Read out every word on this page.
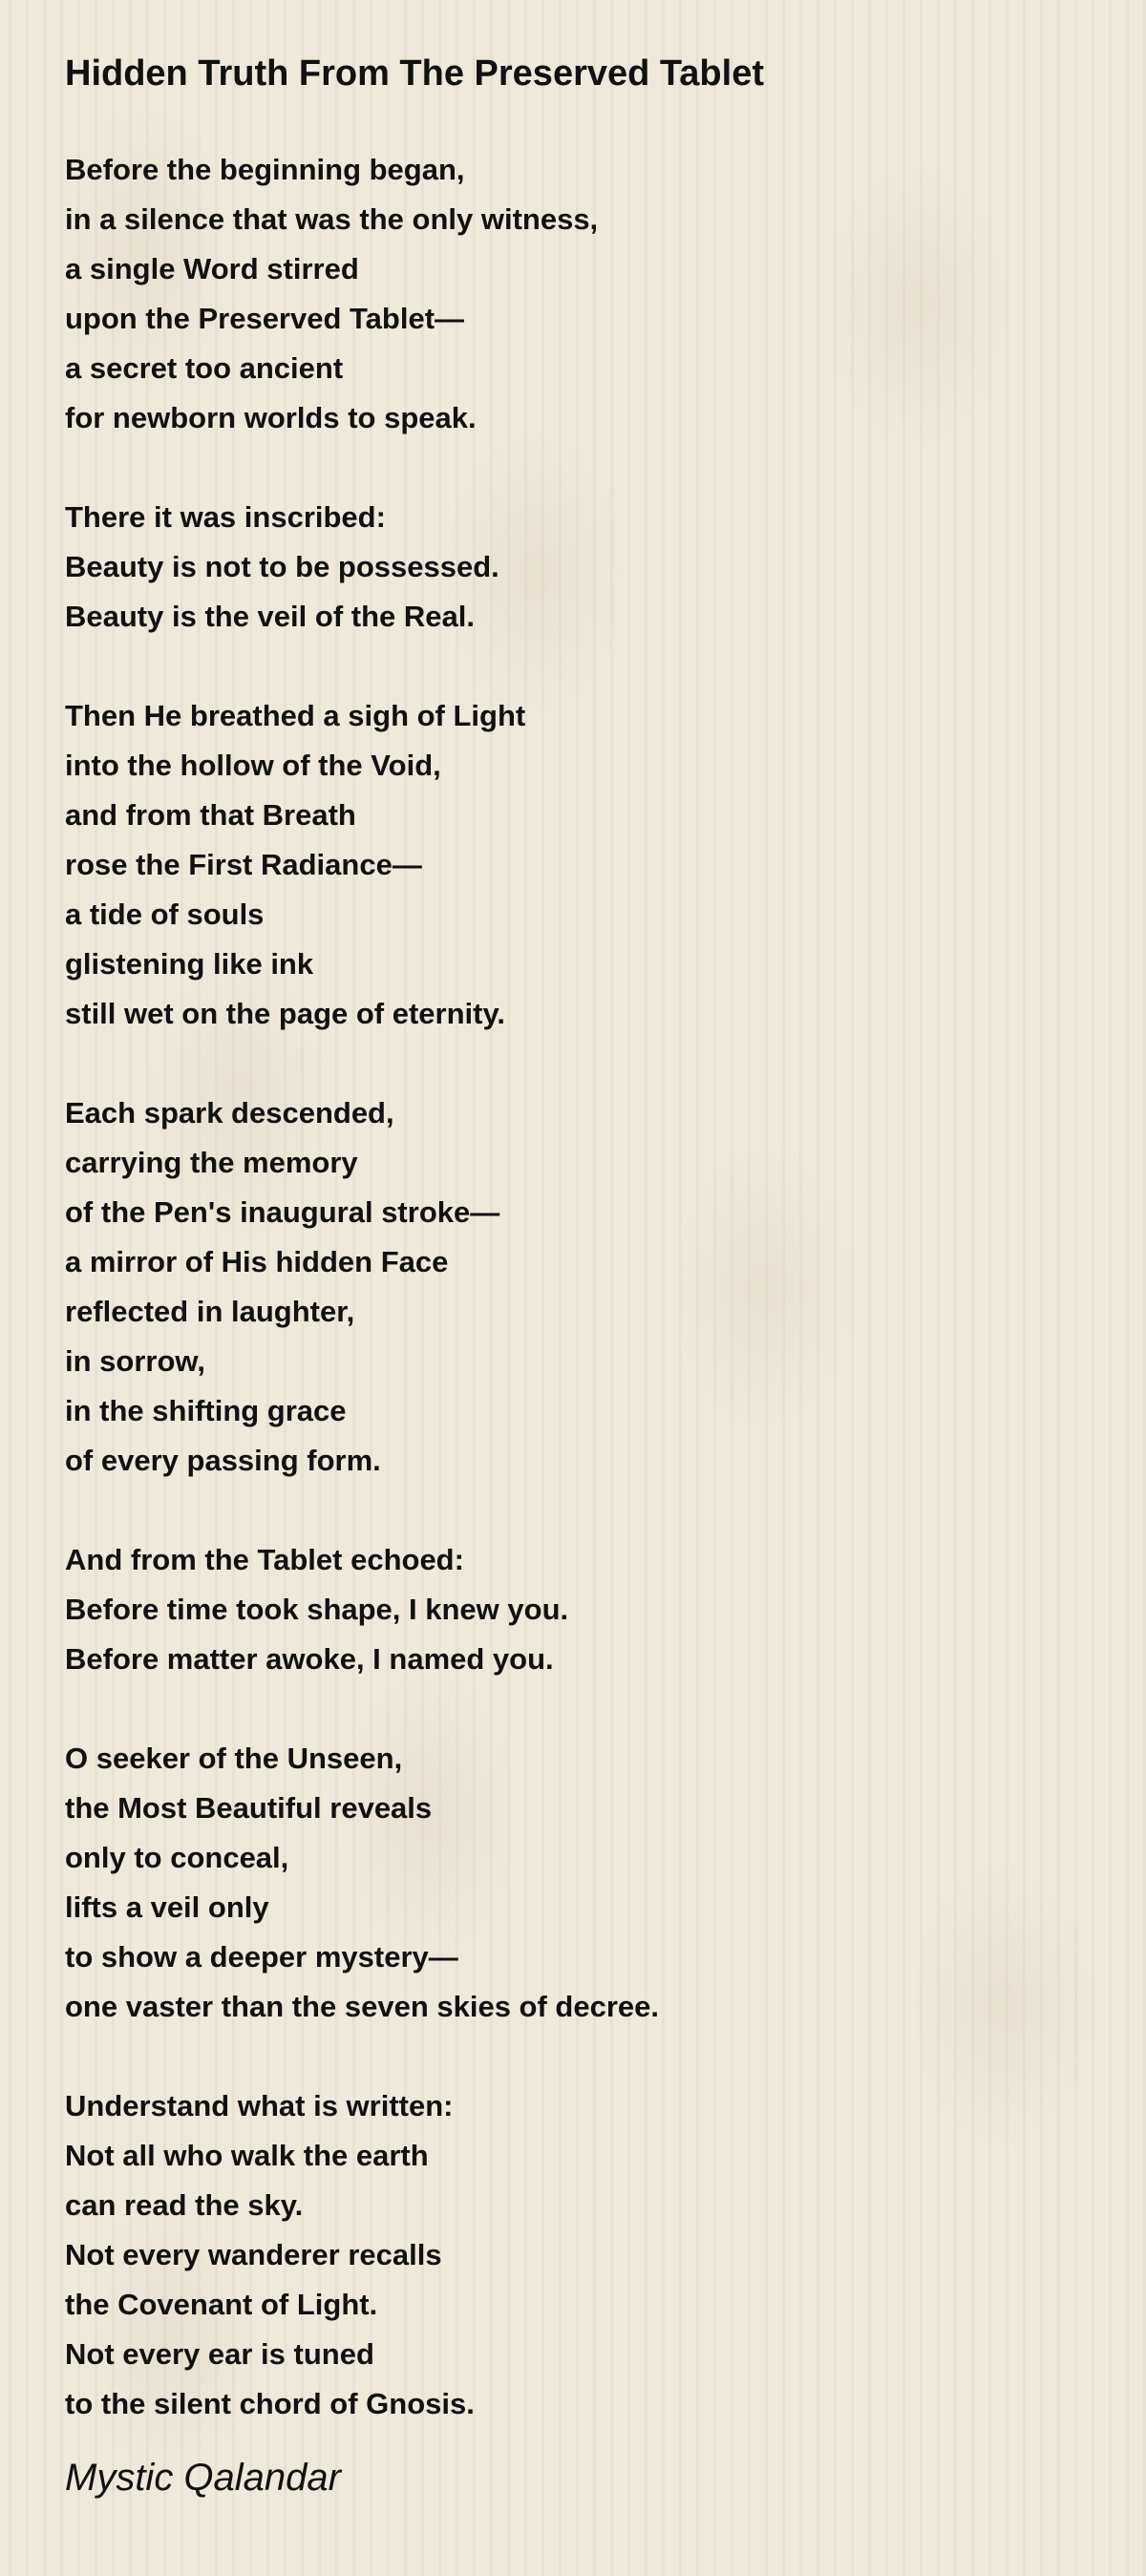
Hidden Truth From The Preserved Tablet
Before the beginning began,
in a silence that was the only witness,
a single Word stirred
upon the Preserved Tablet—
a secret too ancient
for newborn worlds to speak.
There it was inscribed:
Beauty is not to be possessed.
Beauty is the veil of the Real.
Then He breathed a sigh of Light
into the hollow of the Void,
and from that Breath
rose the First Radiance—
a tide of souls
glistening like ink
still wet on the page of eternity.
Each spark descended,
carrying the memory
of the Pen's inaugural stroke—
a mirror of His hidden Face
reflected in laughter,
in sorrow,
in the shifting grace
of every passing form.
And from the Tablet echoed:
Before time took shape, I knew you.
Before matter awoke, I named you.
O seeker of the Unseen,
the Most Beautiful reveals
only to conceal,
lifts a veil only
to show a deeper mystery—
one vaster than the seven skies of decree.
Understand what is written:
Not all who walk the earth
can read the sky.
Not every wanderer recalls
the Covenant of Light.
Not every ear is tuned
to the silent chord of Gnosis.
Mystic Qalandar
